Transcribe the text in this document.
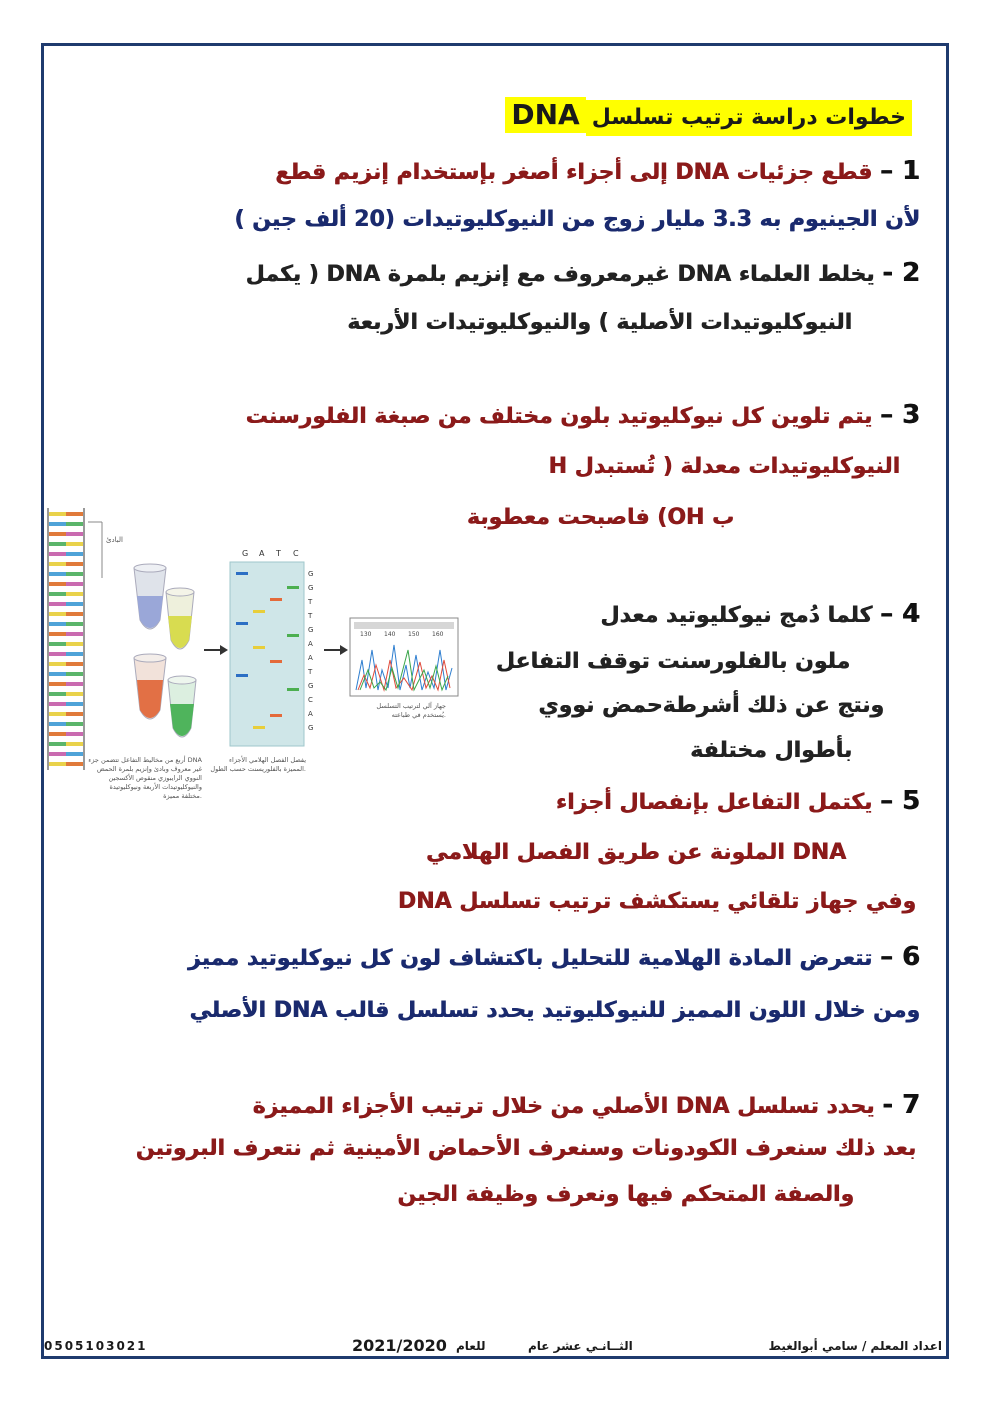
خطوات دراسة ترتيب تسلسلDNA
1 – قطع جزئيات DNA إلى أجزاء أصغر بإستخدام إنزيم قطع
لأن الجينيوم به 3.3 مليار زوج من النيوكليوتيدات (20 ألف جين )
2 - يخلط العلماء DNA غيرمعروف مع إنزيم بلمرة DNA ( يكمل
النيوكليوتيدات الأصلية ) والنيوكليوتيدات الأربعة
3 – يتم تلوين كل نيوكليوتيد بلون مختلف من صبغة الفلورسنت
النيوكليوتيدات معدلة ( تُستبدل H
ب OH) فاصبحت معطوبة
4 – كلما دُمج نيوكليوتيد معدل
ملون بالفلورسنت توقف التفاعل
ونتج عن ذلك أشرطةحمض نووي
بأطوال مختلفة
5 – يكتمل التفاعل بإنفصال أجزاء
DNA الملونة عن طريق الفصل الهلامي
وفي جهاز تلقائي يستكشف ترتيب تسلسل DNA
6 – تتعرض المادة الهلامية للتحليل باكتشاف لون كل نيوكليوتيد مميز
ومن خلال اللون المميز للنيوكليوتيد يحدد تسلسل قالب DNA الأصلي
7 - يحدد تسلسل DNA الأصلي من خلال ترتيب الأجزاء المميزة
بعد ذلك سنعرف الكودونات وسنعرف الأحماض الأمينية ثم نتعرف البروتين
والصفة المتحكم فيها ونعرف وظيفة الجين
البادئ
G A T C
G
G
T
T
G
A
A
T
G
C
A
G
130 140 150 160
أربع من مخاليط التفاعل تتضمن جزء DNA
غير معروف وبادئ وإنزيم بلمرة الحمض
النووي الرايبوزي منقوص الأكسجين
والنيوكليوتيدات الأربعة ونيوكليوتيدة
مختلفة مميزة.
يفصل الفصل الهلامي الأجزاء
المميزة بالفلوريسنت حسب الطول.
جهاز آلي لترتيب التسلسل
يُستخدم في طباعته.
0505103021	2021/2020 للعام	الثــانـي عشر عام	اعداد المعلم / سامي أبوالغيط
